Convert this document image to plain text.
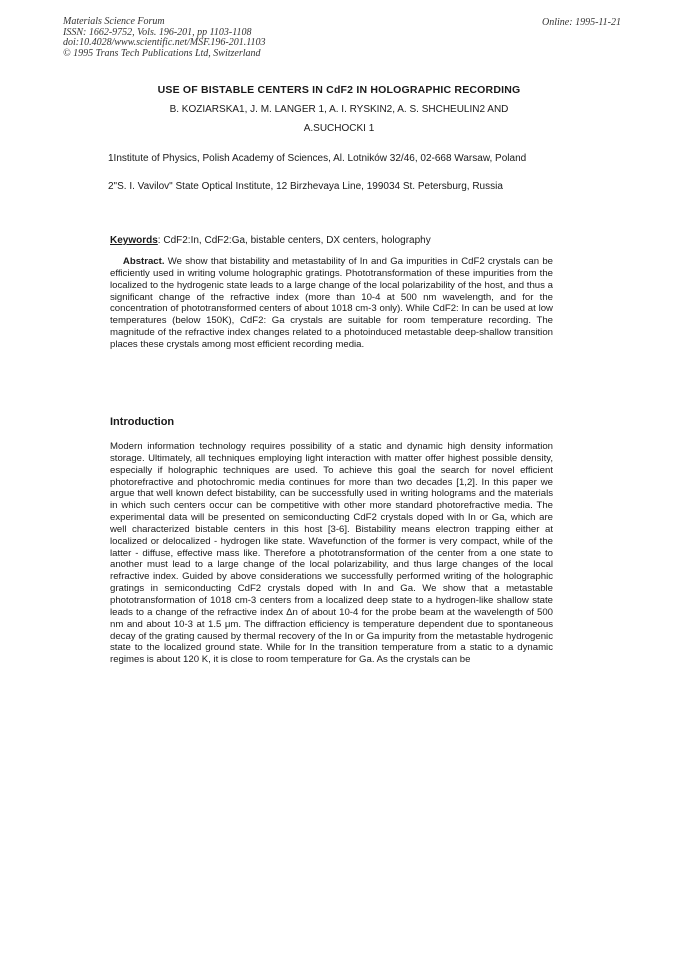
Materials Science Forum
ISSN: 1662-9752, Vols. 196-201, pp 1103-1108
doi:10.4028/www.scientific.net/MSF.196-201.1103
© 1995 Trans Tech Publications Ltd, Switzerland
Online: 1995-11-21
USE OF BISTABLE CENTERS IN CdF2 IN HOLOGRAPHIC RECORDING
B. KOZIARSKA1, J. M. LANGER 1, A. I. RYSKIN2, A. S. SHCHEULIN2 AND
A.SUCHOCKI 1
1Institute of Physics, Polish Academy of Sciences, Al. Lotników 32/46, 02-668 Warsaw, Poland
2"S. I. Vavilov" State Optical Institute, 12 Birzhevaya Line, 199034 St. Petersburg, Russia
Keywords: CdF2:In, CdF2:Ga, bistable centers, DX centers, holography

Abstract. We show that bistability and metastability of In and Ga impurities in CdF2 crystals can be efficiently used in writing volume holographic gratings. Phototransformation of these impurities from the localized to the hydrogenic state leads to a large change of the local polarizability of the host, and thus a significant change of the refractive index (more than 10-4 at 500 nm wavelength, and for the concentration of phototransformed centers of about 1018 cm-3 only). While CdF2: In can be used at low temperatures (below 150K), CdF2: Ga crystals are suitable for room temperature recording. The magnitude of the refractive index changes related to a photoinduced metastable deep-shallow transition places these crystals among most efficient recording media.

Introduction

Modern information technology requires possibility of a static and dynamic high density information storage. Ultimately, all techniques employing light interaction with matter offer highest possible density, especially if holographic techniques are used. To achieve this goal the search for novel efficient photorefractive and photochromic media continues for more than two decades [1,2]. In this paper we argue that well known defect bistability, can be successfully used in writing holograms and the materials in which such centers occur can be competitive with other more standard photorefractive media. The experimental data will be presented on semiconducting CdF2 crystals doped with In or Ga, which are well characterized bistable centers in this host [3-6]. Bistability means electron trapping either at localized or delocalized - hydrogen like state. Wavefunction of the former is very compact, while of the latter - diffuse, effective mass like. Therefore a phototransformation of the center from a one state to another must lead to a large change of the local polarizability, and thus large changes of the local refractive index. Guided by above considerations we successfully performed writing of the holographic gratings in semiconducting CdF2 crystals doped with In and Ga. We show that a metastable phototransformation of 1018 cm-3 centers from a localized deep state to a hydrogen-like shallow state leads to a change of the refractive index Δn of about 10-4 for the probe beam at the wavelength of 500 nm and about 10-3 at 1.5 μm. The diffraction efficiency is temperature dependent due to spontaneous decay of the grating caused by thermal recovery of the In or Ga impurity from the metastable hydrogenic state to the localized ground state. While for In the transition temperature from a static to a dynamic regimes is about 120 K, it is close to room temperature for Ga. As the crystals can be
